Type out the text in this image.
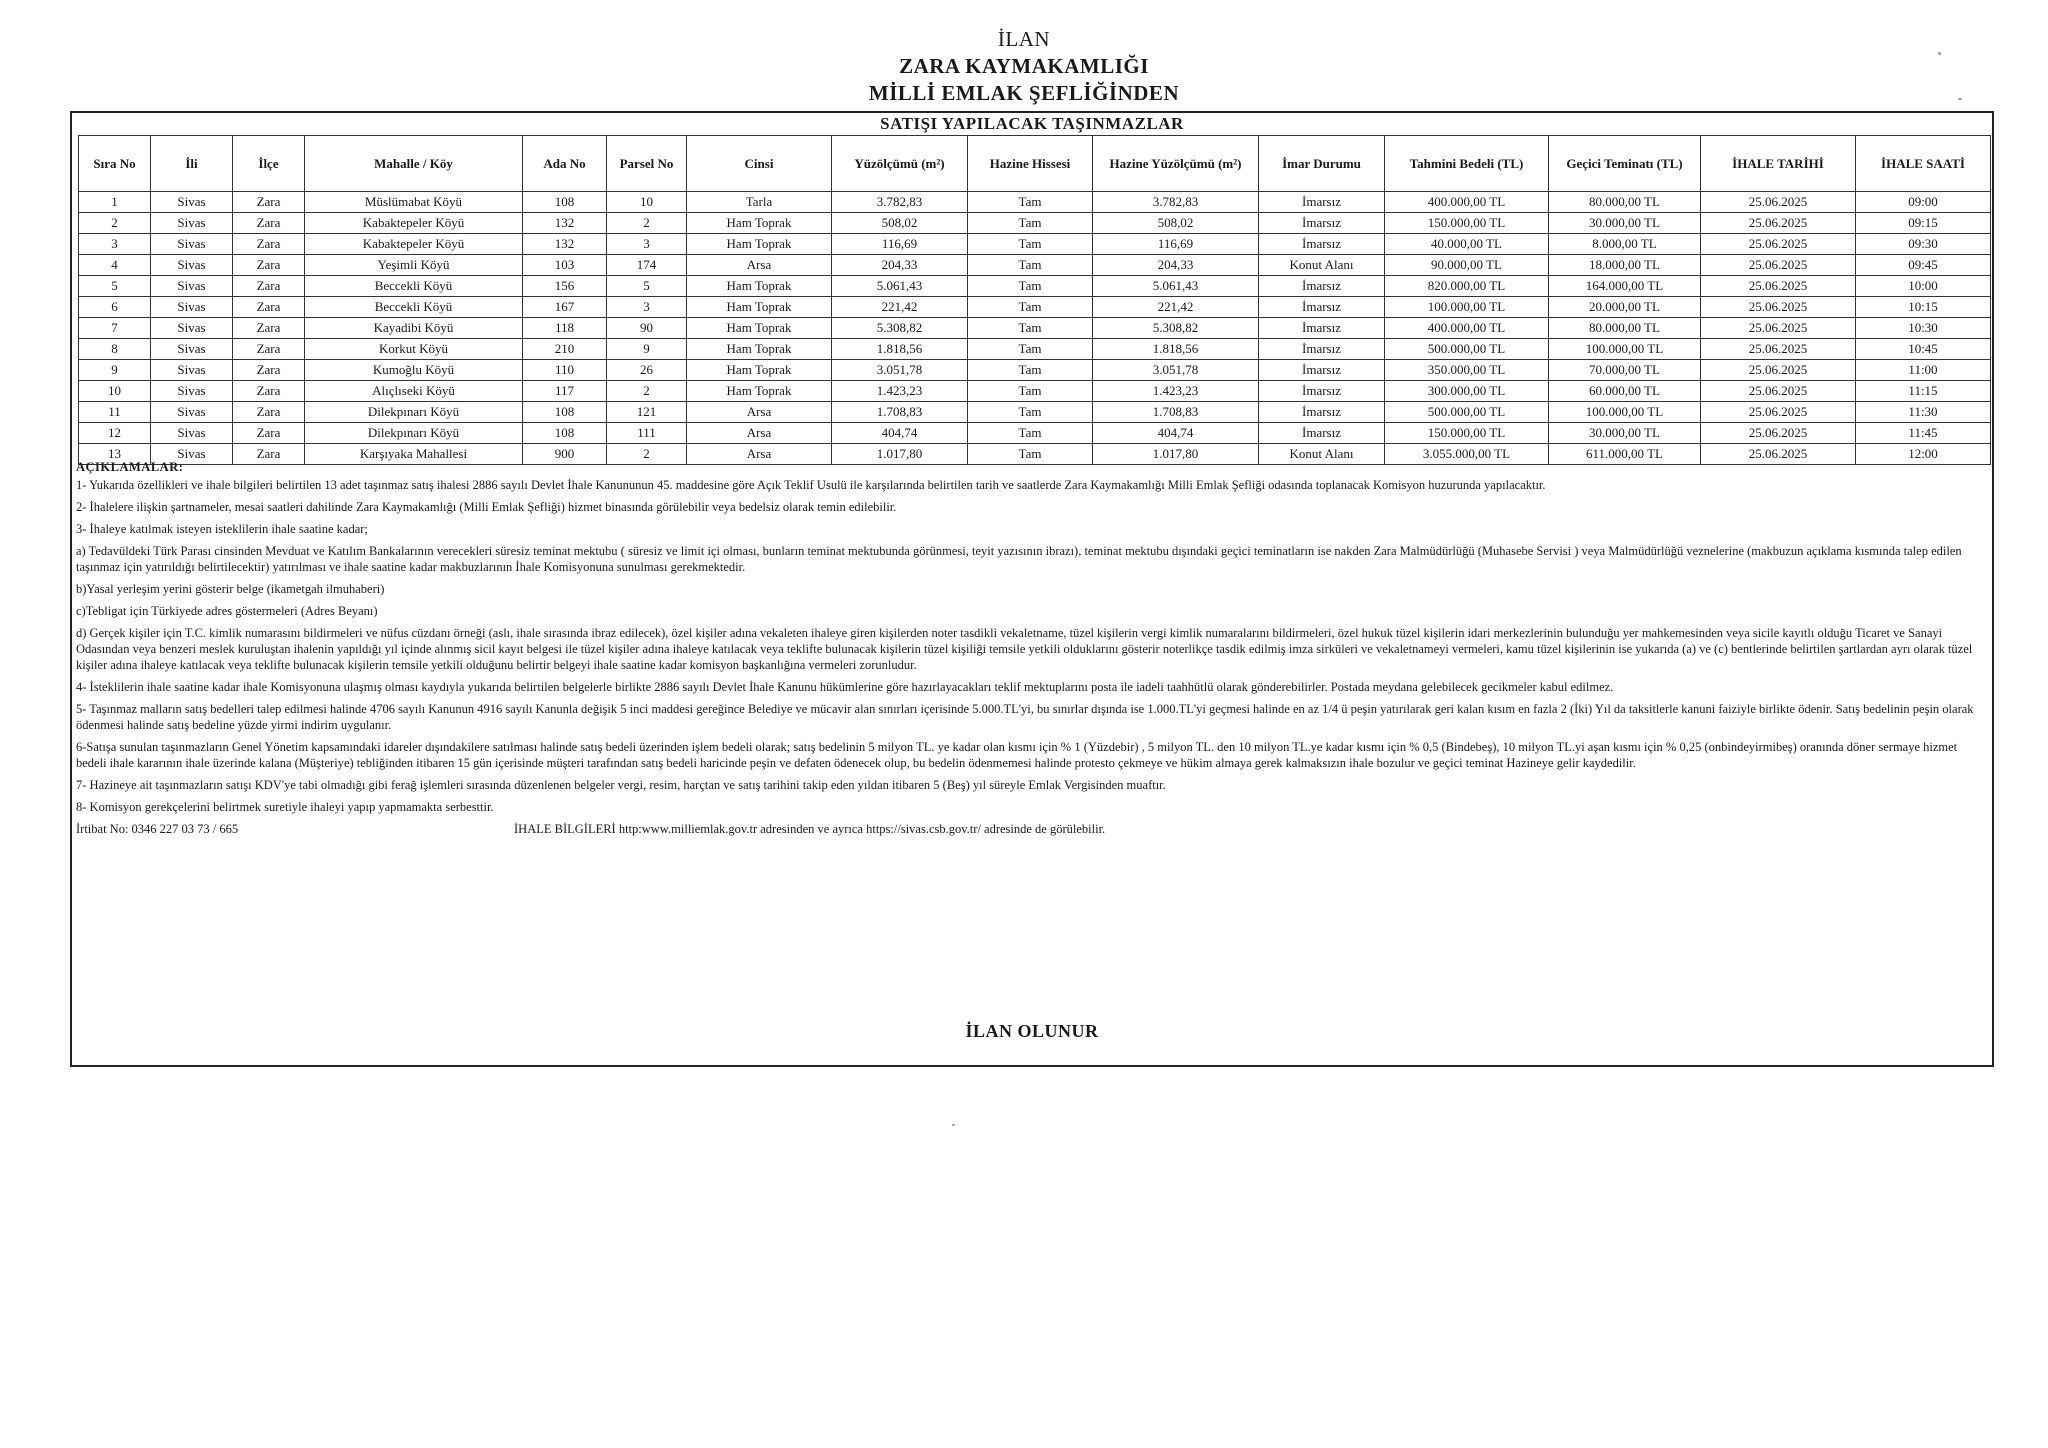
İLAN
ZARA KAYMAKAMLIĞI
MİLLİ EMLAK ŞEFLİĞİNDEN
SATIŞI YAPILACAK TAŞINMAZLAR
Sıra No	İli	İlçe	Mahalle / Köy	Ada No	Parsel No	Cinsi	Yüzölçümü (m²)	Hazine Hissesi	Hazine Yüzölçümü (m²)	İmar Durumu	Tahmini Bedeli (TL)	Geçici Teminatı (TL)	İHALE TARİHİ	İHALE SAATİ
1	Sivas	Zara	Müslümabat Köyü	108	10	Tarla	3.782,83	Tam	3.782,83	İmarsız	400.000,00 TL	80.000,00 TL	25.06.2025	09:00
2	Sivas	Zara	Kabaktepeler Köyü	132	2	Ham Toprak	508,02	Tam	508,02	İmarsız	150.000,00 TL	30.000,00 TL	25.06.2025	09:15
3	Sivas	Zara	Kabaktepeler Köyü	132	3	Ham Toprak	116,69	Tam	116,69	İmarsız	40.000,00 TL	8.000,00 TL	25.06.2025	09:30
4	Sivas	Zara	Yeşimli Köyü	103	174	Arsa	204,33	Tam	204,33	Konut Alanı	90.000,00 TL	18.000,00 TL	25.06.2025	09:45
5	Sivas	Zara	Beccekli Köyü	156	5	Ham Toprak	5.061,43	Tam	5.061,43	İmarsız	820.000,00 TL	164.000,00 TL	25.06.2025	10:00
6	Sivas	Zara	Beccekli Köyü	167	3	Ham Toprak	221,42	Tam	221,42	İmarsız	100.000,00 TL	20.000,00 TL	25.06.2025	10:15
7	Sivas	Zara	Kayadibi Köyü	118	90	Ham Toprak	5.308,82	Tam	5.308,82	İmarsız	400.000,00 TL	80.000,00 TL	25.06.2025	10:30
8	Sivas	Zara	Korkut Köyü	210	9	Ham Toprak	1.818,56	Tam	1.818,56	İmarsız	500.000,00 TL	100.000,00 TL	25.06.2025	10:45
9	Sivas	Zara	Kumoğlu Köyü	110	26	Ham Toprak	3.051,78	Tam	3.051,78	İmarsız	350.000,00 TL	70.000,00 TL	25.06.2025	11:00
10	Sivas	Zara	Alıçlıseki Köyü	117	2	Ham Toprak	1.423,23	Tam	1.423,23	İmarsız	300.000,00 TL	60.000,00 TL	25.06.2025	11:15
11	Sivas	Zara	Dilekpınarı Köyü	108	121	Arsa	1.708,83	Tam	1.708,83	İmarsız	500.000,00 TL	100.000,00 TL	25.06.2025	11:30
12	Sivas	Zara	Dilekpınarı Köyü	108	111	Arsa	404,74	Tam	404,74	İmarsız	150.000,00 TL	30.000,00 TL	25.06.2025	11:45
13	Sivas	Zara	Karşıyaka Mahallesi	900	2	Arsa	1.017,80	Tam	1.017,80	Konut Alanı	3.055.000,00 TL	611.000,00 TL	25.06.2025	12:00

AÇIKLAMALAR:

1- Yukarıda özellikleri ve ihale bilgileri belirtilen 13 adet taşınmaz satış ihalesi 2886 sayılı Devlet İhale Kanununun 45. maddesine göre Açık Teklif Usulü ile karşılarında belirtilen tarih ve saatlerde Zara Kaymakamlığı Milli Emlak Şefliği odasında toplanacak Komisyon huzurunda yapılacaktır.

2- İhalelere ilişkin şartnameler, mesai saatleri dahilinde Zara Kaymakamlığı (Milli Emlak Şefliği) hizmet binasında görülebilir veya bedelsiz olarak temin edilebilir.

3- İhaleye katılmak isteyen isteklilerin ihale saatine kadar;

a) Tedavüldeki Türk Parası cinsinden Mevduat ve Katılım Bankalarının verecekleri süresiz teminat mektubu ( süresiz ve limit içi olması, bunların teminat mektubunda görünmesi, teyit yazısının ibrazı), teminat mektubu dışındaki geçici teminatların ise nakden Zara Malmüdürlüğü (Muhasebe Servisi ) veya Malmüdürlüğü veznelerine (makbuzun açıklama kısmında talep edilen taşınmaz için yatırıldığı belirtilecektir) yatırılması ve ihale saatine kadar makbuzlarının İhale Komisyonuna sunulması gerekmektedir.

b)Yasal yerleşim yerini gösterir belge (ikametgah ilmuhaberi)

c)Tebligat için Türkiyede adres göstermeleri (Adres Beyanı)

d) Gerçek kişiler için T.C. kimlik numarasını bildirmeleri ve nüfus cüzdanı örneği (aslı, ihale sırasında ibraz edilecek), özel kişiler adına vekaleten ihaleye giren kişilerden noter tasdikli vekaletname, tüzel kişilerin vergi kimlik numaralarını bildirmeleri, özel hukuk tüzel kişilerin idari merkezlerinin bulunduğu yer mahkemesinden veya sicile kayıtlı olduğu Ticaret ve Sanayi Odasından veya benzeri meslek kuruluştan ihalenin yapıldığı yıl içinde alınmış sicil kayıt belgesi ile tüzel kişiler adına ihaleye katılacak veya teklifte bulunacak kişilerin tüzel kişiliği temsile yetkili olduklarını gösterir noterlikçe tasdik edilmiş imza sirküleri ve vekaletnameyi vermeleri, kamu tüzel kişilerinin ise yukarıda (a) ve (c) bentlerinde belirtilen şartlardan ayrı olarak tüzel kişiler adına ihaleye katılacak veya teklifte bulunacak kişilerin temsile yetkili olduğunu belirtir belgeyi ihale saatine kadar komisyon başkanlığına vermeleri zorunludur.

4- İsteklilerin ihale saatine kadar ihale Komisyonuna ulaşmış olması kaydıyla yukarıda belirtilen belgelerle birlikte 2886 sayılı Devlet İhale Kanunu hükümlerine göre hazırlayacakları teklif mektuplarını posta ile iadeli taahhütlü olarak gönderebilirler. Postada meydana gelebilecek gecikmeler kabul edilmez.

5- Taşınmaz malların satış bedelleri talep edilmesi halinde 4706 sayılı Kanunun 4916 sayılı Kanunla değişik 5 inci maddesi gereğince Belediye ve mücavir alan sınırları içerisinde 5.000.TL'yi, bu sınırlar dışında ise 1.000.TL'yi geçmesi halinde en az 1/4 ü peşin yatırılarak geri kalan kısım en fazla 2 (İki) Yıl da taksitlerle kanuni faiziyle birlikte ödenir. Satış bedelinin peşin olarak ödenmesi halinde satış bedeline yüzde yirmi indirim uygulanır.

6-Satışa sunulan taşınmazların Genel Yönetim kapsamındaki idareler dışındakilere satılması halinde satış bedeli üzerinden işlem bedeli olarak; satış bedelinin 5 milyon TL. ye kadar olan kısmı için % 1 (Yüzdebir) , 5 milyon TL. den 10 milyon TL.ye kadar kısmı için % 0,5 (Bindebeş), 10 milyon TL.yi aşan kısmı için % 0,25 (onbindeyirmibeş) oranında döner sermaye hizmet bedeli ihale kararının ihale üzerinde kalana (Müşteriye) tebliğinden itibaren 15 gün içerisinde müşteri tarafından satış bedeli haricinde peşin ve defaten ödenecek olup, bu bedelin ödenmemesi halinde protesto çekmeye ve hükim almaya gerek kalmaksızın ihale bozulur ve geçici teminat Hazineye gelir kaydedilir.

7- Hazineye ait taşınmazların satışı KDV'ye tabi olmadığı gibi ferağ işlemleri sırasında düzenlenen belgeler vergi, resim, harçtan ve satış tarihini takip eden yıldan itibaren 5 (Beş) yıl süreyle Emlak Vergisinden muaftır.

8- Komisyon gerekçelerini belirtmek suretiyle ihaleyi yapıp yapmamakta serbesttir.

İrtibat No: 0346 227 03 73 / 665	İHALE BİLGİLERİ http:www.milliemlak.gov.tr adresinden ve ayrıca https://sivas.csb.gov.tr/ adresinde de görülebilir.
İLAN OLUNUR
